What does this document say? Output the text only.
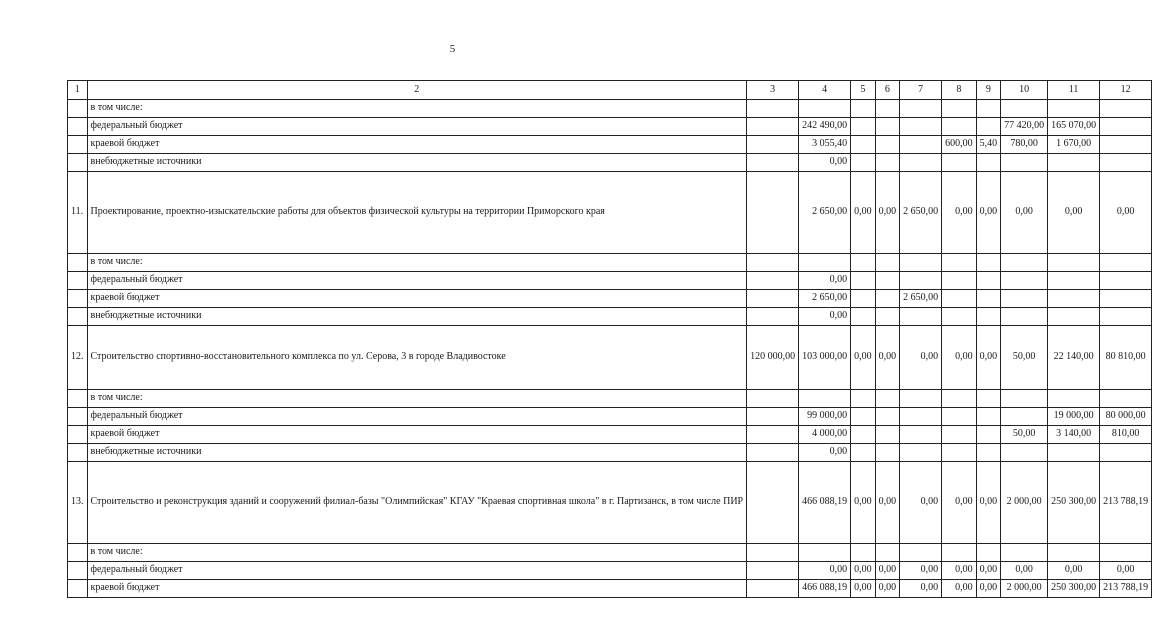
5
1	2	3	4	5	6	7	8	9	10	11	12
	в том числе:										
	федеральный бюджет		242 490,00						77 420,00	165 070,00	
	краевой бюджет		3 055,40				600,00	5,40	780,00	1 670,00	
	внебюджетные источники		0,00								
11.	Проектирование, проектно-изыскательские работы для объектов физической культуры на территории Приморского края		2 650,00	0,00	0,00	2 650,00	0,00	0,00	0,00	0,00	0,00
	в том числе:										
	федеральный бюджет		0,00								
	краевой бюджет		2 650,00			2 650,00					
	внебюджетные источники		0,00								
12.	Строительство спортивно-восстановительного комплекса по ул. Серова, 3 в городе Владивостоке	120 000,00	103 000,00	0,00	0,00	0,00	0,00	0,00	50,00	22 140,00	80 810,00
	в том числе:										
	федеральный бюджет		99 000,00							19 000,00	80 000,00
	краевой бюджет		4 000,00						50,00	3 140,00	810,00
	внебюджетные источники		0,00								
13.	Строительство и реконструкция зданий и сооружений филиал-базы "Олимпийская" КГАУ "Краевая спортивная школа" в г. Партизанск, в том числе ПИР		466 088,19	0,00	0,00	0,00	0,00	0,00	2 000,00	250 300,00	213 788,19
	в том числе:										
	федеральный бюджет		0,00	0,00	0,00	0,00	0,00	0,00	0,00	0,00	0,00
	краевой бюджет		466 088,19	0,00	0,00	0,00	0,00	0,00	2 000,00	250 300,00	213 788,19
